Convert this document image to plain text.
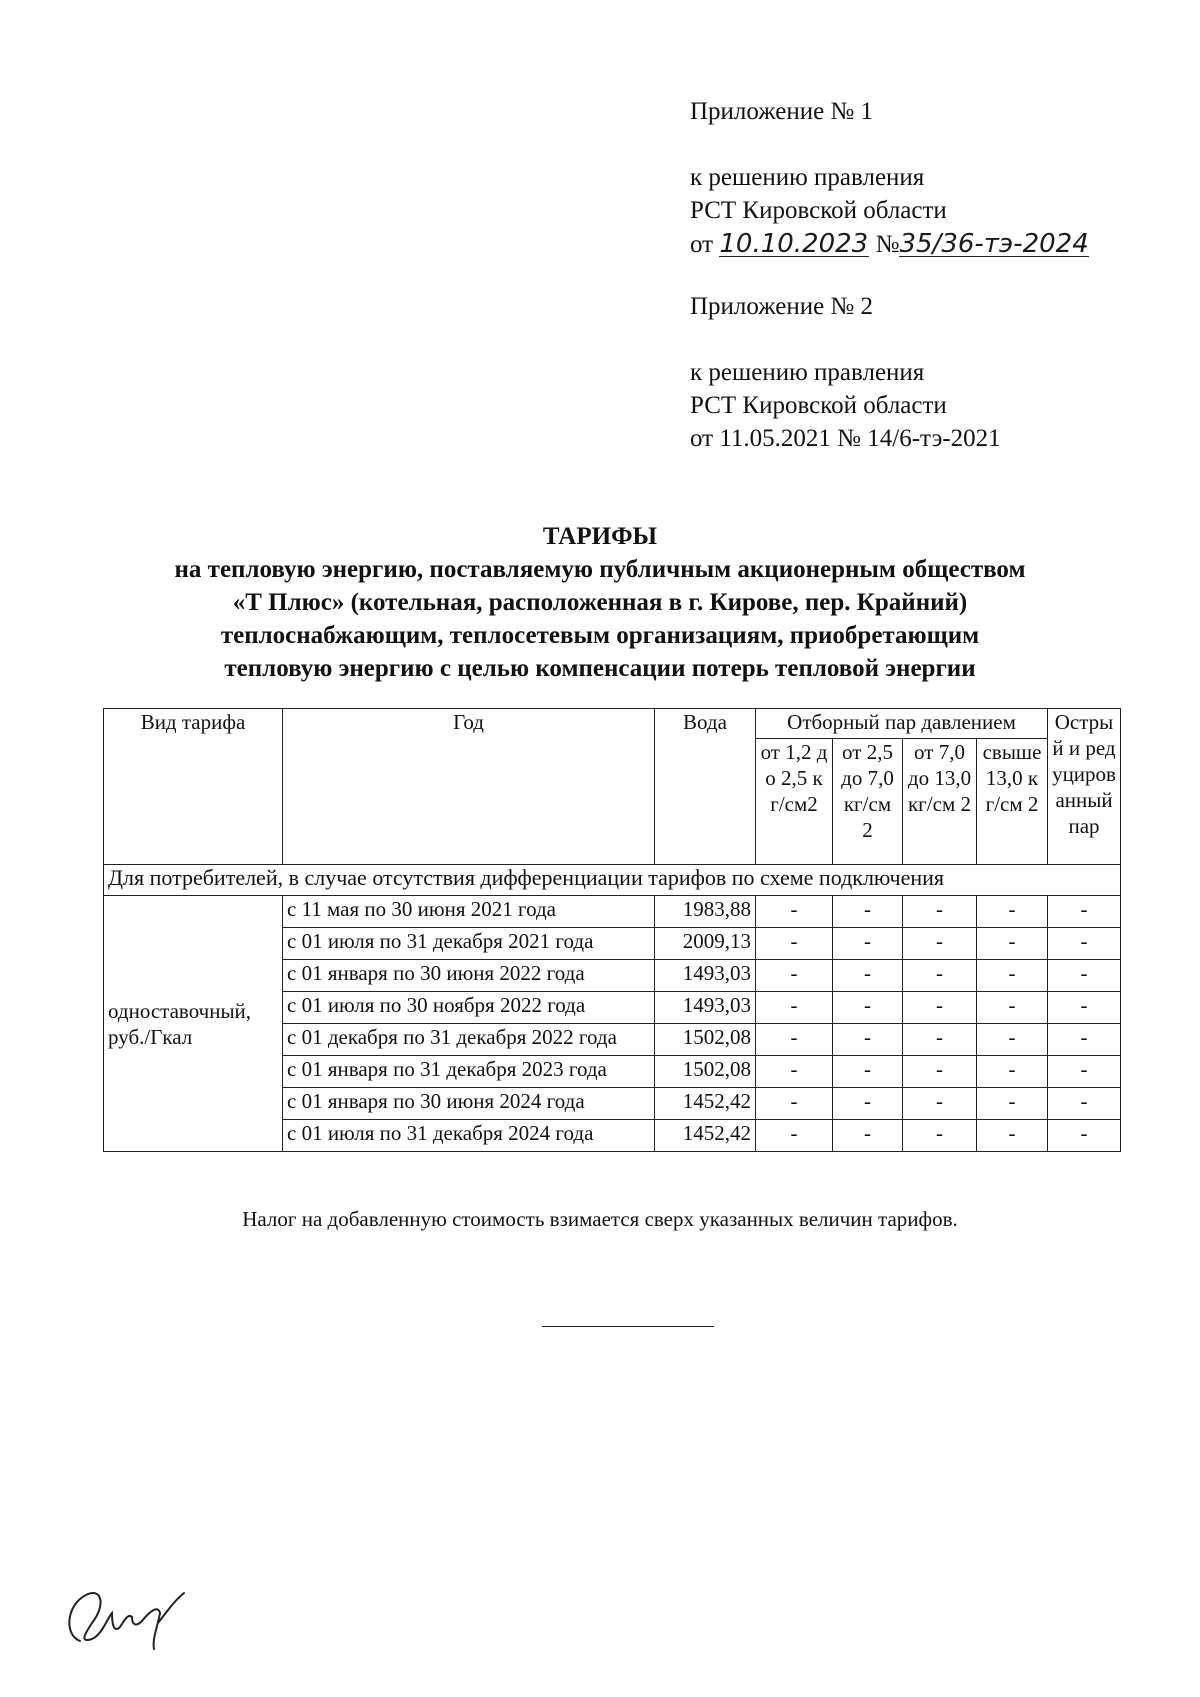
Приложение № 1
к решению правления
РСТ Кировской области
от 10.10.2023 №35/36-тэ-2024
Приложение № 2
к решению правления
РСТ Кировской области
от 11.05.2021 № 14/6-тэ-2021
ТАРИФЫ
на тепловую энергию, поставляемую публичным акционерным обществом
«Т Плюс» (котельная, расположенная в г. Кирове, пер. Крайний)
теплоснабжающим, теплосетевым организациям, приобретающим
тепловую энергию с целью компенсации потерь тепловой энергии
Вид тарифа	Год	Вода	Отборный пар давлением				Острый и редуцированный пар
			от 1,2 до 2,5 кг/см2	от 2,5 до 7,0 кг/см 2	от 7,0 до 13,0 кг/см 2	свыше 13,0 кг/см 2	
Для потребителей, в случае отсутствия дифференциации тарифов по схеме подключения							
одноставочный, руб./Гкал	с 11 мая по 30 июня 2021 года	1983,88	-	-	-	-	-
	с 01 июля по 31 декабря 2021 года	2009,13	-	-	-	-	-
	с 01 января по 30 июня 2022 года	1493,03	-	-	-	-	-
	с 01 июля по 30 ноября 2022 года	1493,03	-	-	-	-	-
	с 01 декабря по 31 декабря 2022 года	1502,08	-	-	-	-	-
	с 01 января по 31 декабря 2023 года	1502,08	-	-	-	-	-
	с 01 января по 30 июня 2024 года	1452,42	-	-	-	-	-
	с 01 июля по 31 декабря 2024 года	1452,42	-	-	-	-	-
Налог на добавленную стоимость взимается сверх указанных величин тарифов.
